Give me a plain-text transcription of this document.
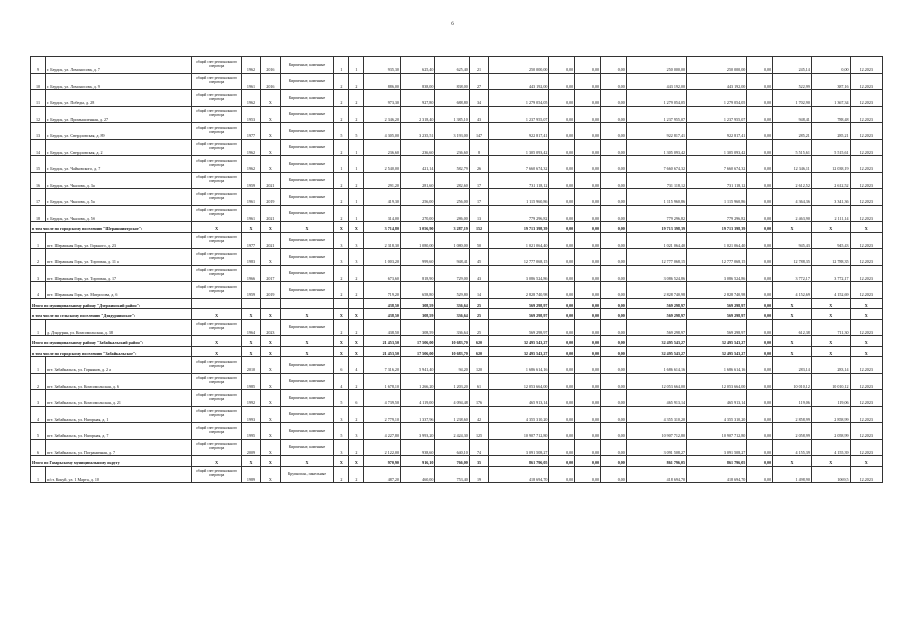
6
9	г. Бердск, ул. Ломоносова, д. 7	общий счет регионального оператора	1962	2016	Кирпичные, каменные	1	1	935,30	625,40	625,40	21	250 000,00	0,00	0,00	0,00	250 000,00	250 000,00	0,00	245,14	0,00	12.2023
10	г. Бердск, ул. Ломоносова, д. 9	общий счет регионального оператора	1961	2016	Кирпичные, каменные	2	2	886,00	838,00	838,00	27	443 192,00	0,00	0,00	0,00	443 192,00	443 192,00	0,00	522,99	387,16	12.2023
11	г. Бердск, ул. Победы, д. 28	общий счет регионального оператора	1962	X	Кирпичные, каменные	2	2	973,30	927,80	688,80	34	1 279 054,05	0,00	0,00	0,00	1 279 054,05	1 279 054,05	0,00	1 702,90	1 367,34	12.2023
12	г. Бердск, ул. Промышленная, д. 27	общий счет регионального оператора	1953	X	Кирпичные, каменные	2	2	2 346,20	2 318,40	1 385,10	43	1 237 955,07	0,00	0,00	0,00	1 237 955,07	1 237 955,07	0,00	948,41	788,48	12.2023
13	г. Бердск, ул. Свердловская, д. 89	общий счет регионального оператора	1977	X	Кирпичные, каменные	5	5	4 305,00	3 235,51	3 193,00	147	922 817,41	0,00	0,00	0,00	922 817,41	922 817,41	0,00	285,21	285,21	12.2023
14	г. Бердск, ул. Свердловская, д. 2	общий счет регионального оператора	1962	X	Кирпичные, каменные	2	1	236,60	236,60	236,60	8	1 305 093,42	0,00	0,00	0,00	1 305 093,42	1 305 093,42	0,00	5 515,61	5 515,61	12.2023
15	г. Бердск, ул. Чайковского, д. 7	общий счет регионального оператора	1962	X	Кирпичные, каменные	1	1	2 540,00	421,14	582,79	26	7 660 674,32	0,00	0,00	0,00	7 660 674,32	7 660 674,32	0,00	12 346,11	12 038,19	12.2023
16	г. Бердск, ул. Чкалова, д. 3а	общий счет регионального оператора	1959	2021	Кирпичные, каменные	2	2	291,20	281,60	282,60	17	731 118,12	0,00	0,00	0,00	731 118,12	731 118,12	0,00	2 612,52	2 612,52	12.2023
17	г. Бердск, ул. Чкалова, д. 5а	общий счет регионального оператора	1961	2019	Кирпичные, каменные	2	1	419,30	256,00	256,00	17	1 115 960,86	0,00	0,00	0,00	1 115 960,86	1 115 960,86	0,00	4 364,36	3 341,36	12.2023
18	г. Бердск, ул. Чкалова, д. 5б	общий счет регионального оператора	1961	2021	Кирпичные, каменные	2	1	314,00	270,00	286,00	13	779 296,82	0,00	0,00	0,00	779 296,82	779 296,82	0,00	2 463,90	2 111,14	12.2023
в том числе по городскому поселению "Шерашниятрское":		X	X	X	X	X	X	3 714,80	3 056,90	3 287,19	152	19 713 398,39	0,00	0,00	0,00	19 713 398,39	19 713 398,39	0,00	X	X	X
1	пгт. Шерашная Горь, ул. Горького, д. 23	общий счет регионального оператора	1977	2021	Кирпичные, каменные	3	3	2 318,30	1 080,00	1 080,00	50	1 021 064,40	0,00	0,00	0,00	1 021 064,40	1 021 064,40	0,00	945,43	945,43	12.2023
2	пгт. Шерашная Горь, ул. Торговая, д. 11 а	общий счет регионального оператора	1983	X	Кирпичные, каменные	3	3	1 003,20	999,60	948,41	45	12 777 068,15	0,00	0,00	0,00	12 777 068,15	12 777 068,15	0,00	12 788,35	12 788,35	12.2023
3	пгт. Шерашная Горь, ул. Торговая, д. 17	общий счет регионального оператора	1966	2017	Кирпичные, каменные	2	2	673,60	818,90	729,00	43	3 086 524,86	0,00	0,00	0,00	3 086 524,86	3 086 524,86	0,00	3 772,17	3 772,17	12.2023
4	пгт. Шерашная Горь, ул. Матросова, д. 6	общий счет регионального оператора	1959	2019	Кирпичные, каменные	2	2	719,20	658,80	529,80	14	2 828 740,98	0,00	0,00	0,00	2 828 740,98	2 828 740,98	0,00	4 152,69	4 152,69	12.2023
Итого по муниципальному району "Дзержинский район":								438,50	308,59	336,64	25	569 298,97	0,00	0,00	0,00	569 298,97	569 298,97	0,00	X	X	X
в том числе по сельскому поселению "Дзядурнинское":		X	X	X	X	X	X	438,50	308,59	336,64	25	569 298,97	0,00	0,00	0,00	569 298,97	569 298,97	0,00	X	X	X
1	д. Дзядурня, ул. Комсомольская, д. 38	общий счет регионального оператора	1964	2023	Кирпичные, каменные	2	2	438,50	308,59	336,64	25	569 298,97	0,00	0,00	0,00	569 298,97	569 298,97	0,00	612,38	711,30	12.2023
Итого по муниципальному району "Забайкальский район":		X	X	X	X	X	X	21 453,50	17 506,00	10 683,70	620	32 495 543,27	0,00	0,00	0,00	32 495 543,27	32 495 543,27	0,00	X	X	X
в том числе по городскому поселению "Забайкальское":		X	X	X	X	X	X	21 453,50	17 506,00	10 683,70	620	32 495 543,27	0,00	0,00	0,00	32 495 543,27	32 495 543,27	0,00	X	X	X
1	пгт. Забайкальск, ул. Горняков, д. 2 а	общий счет регионального оператора	2010	X	Кирпичные, каменные	6	4	7 316,20	5 941,40	94,20	120	1 686 614,16	0,00	0,00	0,00	1 686 614,16	1 686 614,16	0,00	283,14	283,14	12.2023
2	пгт. Забайкальск, ул. Комсомольская, д. 6	общий счет регионального оператора	1985	X	Кирпичные, каменные	4	2	1 678,10	1 266,20	1 203,20	61	12 053 664,00	0,00	0,00	0,00	12 053 664,00	12 053 664,00	0,00	10 010,12	10 010,12	12.2023
3	пгт. Забайкальск, ул. Комсомольская, д. 21	общий счет регионального оператора	1992	X	Кирпичные, каменные	5	6	4 739,50	4 119,00	4 094,48	176	465 913,14	0,00	0,00	0,00	465 913,14	465 913,14	0,00	119,06	119,06	12.2023
4	пгт. Забайкальск, ул. Нагорная, д. 1	общий счет регионального оператора	1993	X	Кирпичные, каменные	3	2	2 779,10	1 337,96	1 238,60	42	4 355 310,20	0,00	0,00	0,00	4 355 310,20	4 355 310,20	0,00	2 858,99	2 858,99	12.2023
5	пгт. Забайкальск, ул. Нагорная, д. 7	общий счет регионального оператора	1995	X	Кирпичные, каменные	5	3	4 227,80	3 993,20	2 424,30	125	10 907 712,80	0,00	0,00	0,00	10 907 712,80	10 907 712,80	0,00	2 058,99	2 058,99	12.2023
6	пгт. Забайкальск, ул. Пограничная, д. 7	общий счет регионального оператора	2009	X	Кирпичные, каменные	3	2	2 122,00	938,60	640,10	74	3 091 508,27	0,00	0,00	0,00	3 091 508,27	3 091 508,27	0,00	4 155,39	4 155,39	12.2023
Итого по Газарьскому муниципальному округу		X	X	X	X	X	X	970,90	916,10	766,00	35	861 796,05	0,00	0,00	0,00	861 796,05	861 796,05	0,00	X	X	X
1	п/ст. Кокуй, ул. 1 Марта, д. 10	общий счет регионального оператора	1989	X	Крупнопан., панельные	2	2	487,20	460,00	753,40	19	418 694,70	0,00	0,00	0,00	418 694,70	418 694,70	0,00	1 498,90	1069,5	12.2023
